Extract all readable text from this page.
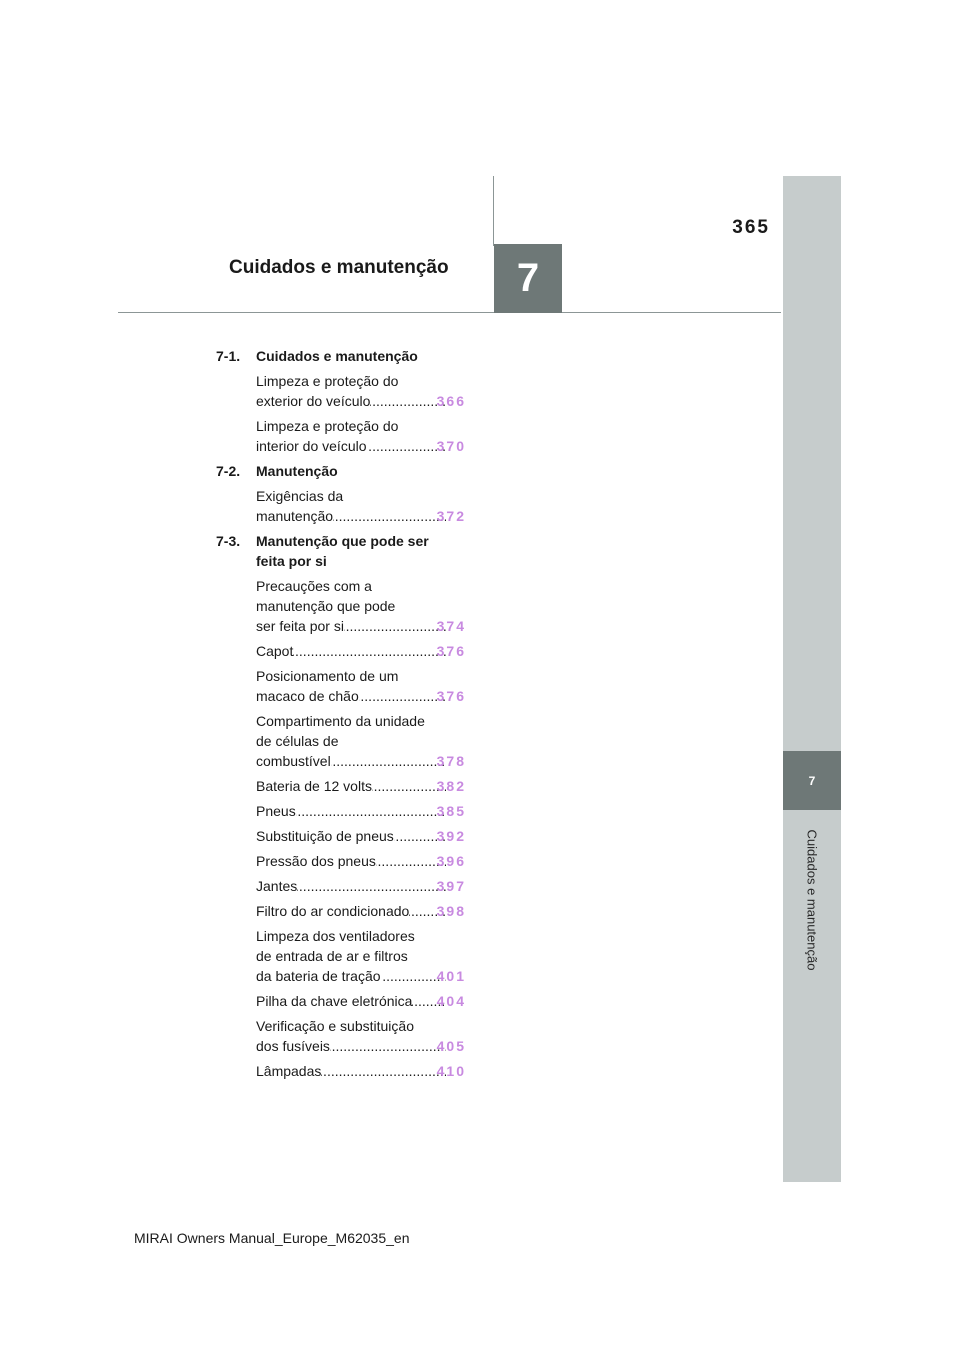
365
Cuidados e manutenção	7
7
Cuidados e manutenção
7-1. Cuidados e manutenção
Limpeza e proteção do
exterior do veículo .....	366
Limpeza e proteção do
interior do veículo .....	370
7-2. Manutenção
Exigências da
manutenção .....	372
7-3. Manutenção que pode ser
feita por si
Precauções com a
manutenção que pode
ser feita por si .....	374
Capot .....	376
Posicionamento de um
macaco de chão .....	376
Compartimento da unidade
de células de
combustível .....	378
Bateria de 12 volts .....	382
Pneus .....	385
Substituição de pneus .....	392
Pressão dos pneus .....	396
Jantes .....	397
Filtro do ar condicionado ..... 398
Limpeza dos ventiladores
de entrada de ar e filtros
da bateria de tração .....	401
Pilha da chave eletrónica ..... 404
Verificação e substituição
dos fusíveis .....	405
Lâmpadas .....	410
MIRAI Owners Manual_Europe_M62035_en
